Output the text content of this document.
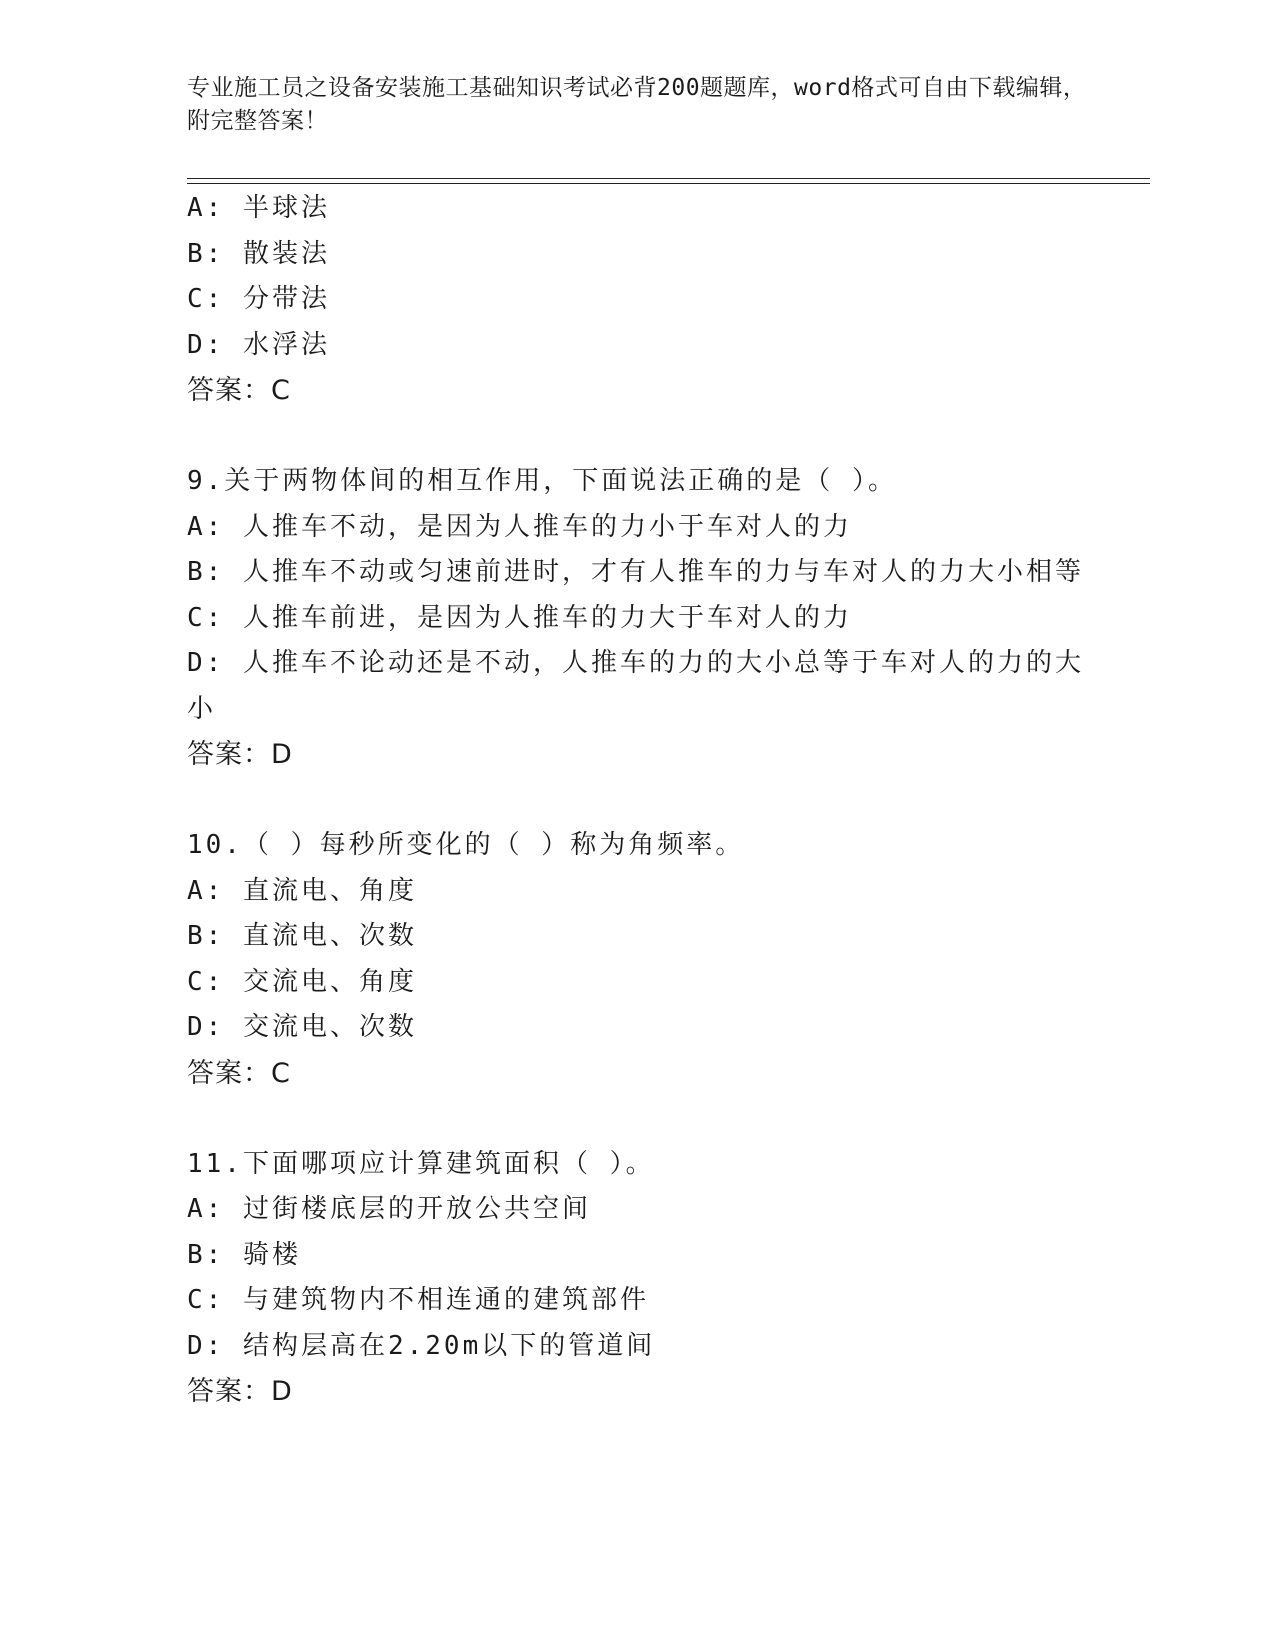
专业施工员之设备安装施工基础知识考试必背200题题库，word格式可自由下载编辑，附完整答案！
A: 半球法
B: 散装法
C: 分带法
D: 水浮法
答案：C
9.关于两物体间的相互作用，下面说法正确的是（ ）。
A: 人推车不动，是因为人推车的力小于车对人的力
B: 人推车不动或匀速前进时，才有人推车的力与车对人的力大小相等
C: 人推车前进，是因为人推车的力大于车对人的力
D: 人推车不论动还是不动，人推车的力的大小总等于车对人的力的大小
答案：D
10.（ ）每秒所变化的（ ）称为角频率。
A: 直流电、角度
B: 直流电、次数
C: 交流电、角度
D: 交流电、次数
答案：C
11.下面哪项应计算建筑面积（ ）。
A: 过街楼底层的开放公共空间
B: 骑楼
C: 与建筑物内不相连通的建筑部件
D: 结构层高在2.20m以下的管道间
答案：D
